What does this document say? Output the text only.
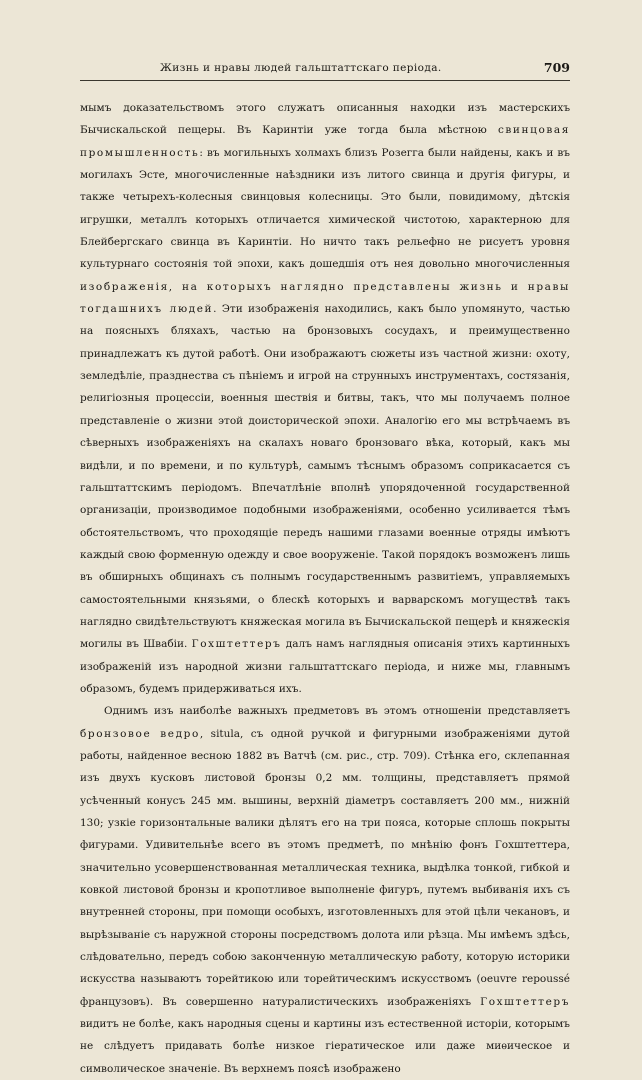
Жизнь и нравы людей гальштаттскаго періода.	709

мымъ доказательствомъ этого служатъ описанныя находки изъ мастерскихъ Бычискальской пещеры. Въ Каринтіи уже тогда была мѣстною свинцовая промышленность: въ могильныхъ холмахъ близъ Розегга были найдены, какъ и въ могилахъ Эсте, многочисленные наѣздники изъ литого свинца и другія фигуры, и также четырехъ-колесныя свинцовыя колесницы. Это были, повидимому, дѣтскія игрушки, металлъ которыхъ отличается химической чистотою, характерною для Блейбергскаго свинца въ Каринтіи. Но ничто такъ рельефно не рисуетъ уровня культурнаго состоянія той эпохи, какъ дошедшія отъ нея довольно многочисленныя изображенія, на которыхъ наглядно представлены жизнь и нравы тогдашнихъ людей. Эти изображенія находились, какъ было упомянуто, частью на поясныхъ бляхахъ, частью на бронзовыхъ сосудахъ, и преимущественно принадлежатъ къ дутой работѣ. Они изображаютъ сюжеты изъ частной жизни: охоту, земледѣліе, празднества съ пѣніемъ и игрой на струнныхъ инструментахъ, состязанія, религіозныя процессіи, военныя шествія и битвы, такъ, что мы получаемъ полное представленіе о жизни этой доисторической эпохи. Аналогію его мы встрѣчаемъ въ сѣверныхъ изображеніяхъ на скалахъ новаго бронзоваго вѣка, который, какъ мы видѣли, и по времени, и по культурѣ, самымъ тѣснымъ образомъ соприкасается съ гальштаттскимъ періодомъ. Впечатлѣніе вполнѣ упорядоченной государственной организаціи, производимое подобными изображеніями, особенно усиливается тѣмъ обстоятельствомъ, что проходящіе передъ нашими глазами военные отряды имѣютъ каждый свою форменную одежду и свое вооруженіе. Такой порядокъ возможенъ лишь въ обширныхъ общинахъ съ полнымъ государственнымъ развитіемъ, управляемыхъ самостоятельными князьями, о блескѣ которыхъ и варварскомъ могуществѣ такъ наглядно свидѣтельствуютъ княжеская могила въ Бычискальской пещерѣ и княжескія могилы въ Швабіи. Гохштеттеръ далъ намъ наглядныя описанія этихъ картинныхъ изображеній изъ народной жизни гальштаттскаго періода, и ниже мы, главнымъ образомъ, будемъ придерживаться ихъ.

Однимъ изъ наиболѣе важныхъ предметовъ въ этомъ отношеніи представляетъ бронзовое ведро, situla, съ одной ручкой и фигурными изображеніями дутой работы, найденное весною 1882 въ Ватчѣ (см. рис., стр. 709). Стѣнка его, склепанная изъ двухъ кусковъ листовой бронзы 0,2 мм. толщины, представляетъ прямой усѣченный конусъ 245 мм. вышины, верхній діаметръ составляетъ 200 мм., нижній 130; узкіе горизонтальные валики дѣлятъ его на три пояса, которые сплошь покрыты фигурами. Удивительнѣе всего въ этомъ предметѣ, по мнѣнію фонъ Гохштеттера, значительно усовершенствованная металлическая техника, выдѣлка тонкой, гибкой и ковкой листовой бронзы и кропотливое выполненіе фигуръ, путемъ выбиванія ихъ съ внутренней стороны, при помощи особыхъ, изготовленныхъ для этой цѣли чекановъ, и вырѣзываніе съ наружной стороны посредствомъ долота или рѣзца. Мы имѣемъ здѣсь, слѣдовательно, передъ собою законченную металлическую работу, которую историки искусства называютъ торейтикою или торейтическимъ искусствомъ (oeuvre repoussé французовъ). Въ совершенно натуралистическихъ изображеніяхъ Гохштеттеръ видитъ не болѣе, какъ народныя сцены и картины изъ естественной исторіи, которымъ не слѣдуетъ придавать болѣе низкое гіератическое или даже миѳическое и символическое значеніе. Въ верхнемъ поясѣ изображено
